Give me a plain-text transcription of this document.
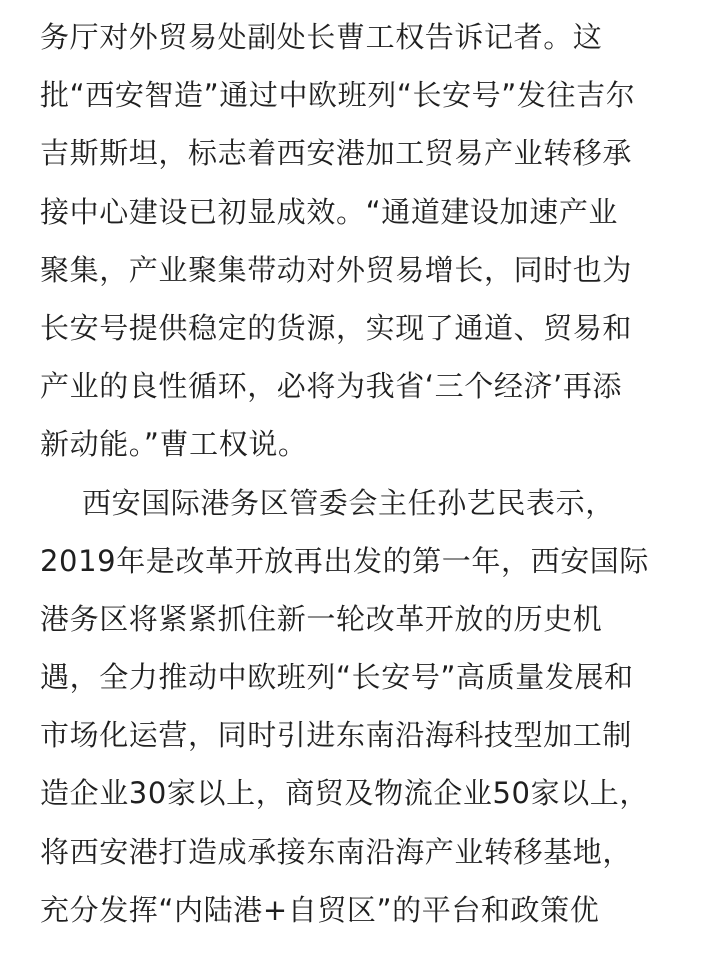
务厅对外贸易处副处长曹工权告诉记者。这
批“西安智造”通过中欧班列“长安号”发往吉尔
吉斯斯坦，标志着西安港加工贸易产业转移承
接中心建设已初显成效。“通道建设加速产业
聚集，产业聚集带动对外贸易增长，同时也为
长安号提供稳定的货源，实现了通道、贸易和
产业的良性循环，必将为我省‘三个经济’再添
新动能。”曹工权说。
西安国际港务区管委会主任孙艺民表示，
2019年是改革开放再出发的第一年，西安国际
港务区将紧紧抓住新一轮改革开放的历史机
遇，全力推动中欧班列“长安号”高质量发展和
市场化运营，同时引进东南沿海科技型加工制
造企业30家以上，商贸及物流企业50家以上，
将西安港打造成承接东南沿海产业转移基地，
充分发挥“内陆港+自贸区”的平台和政策优
